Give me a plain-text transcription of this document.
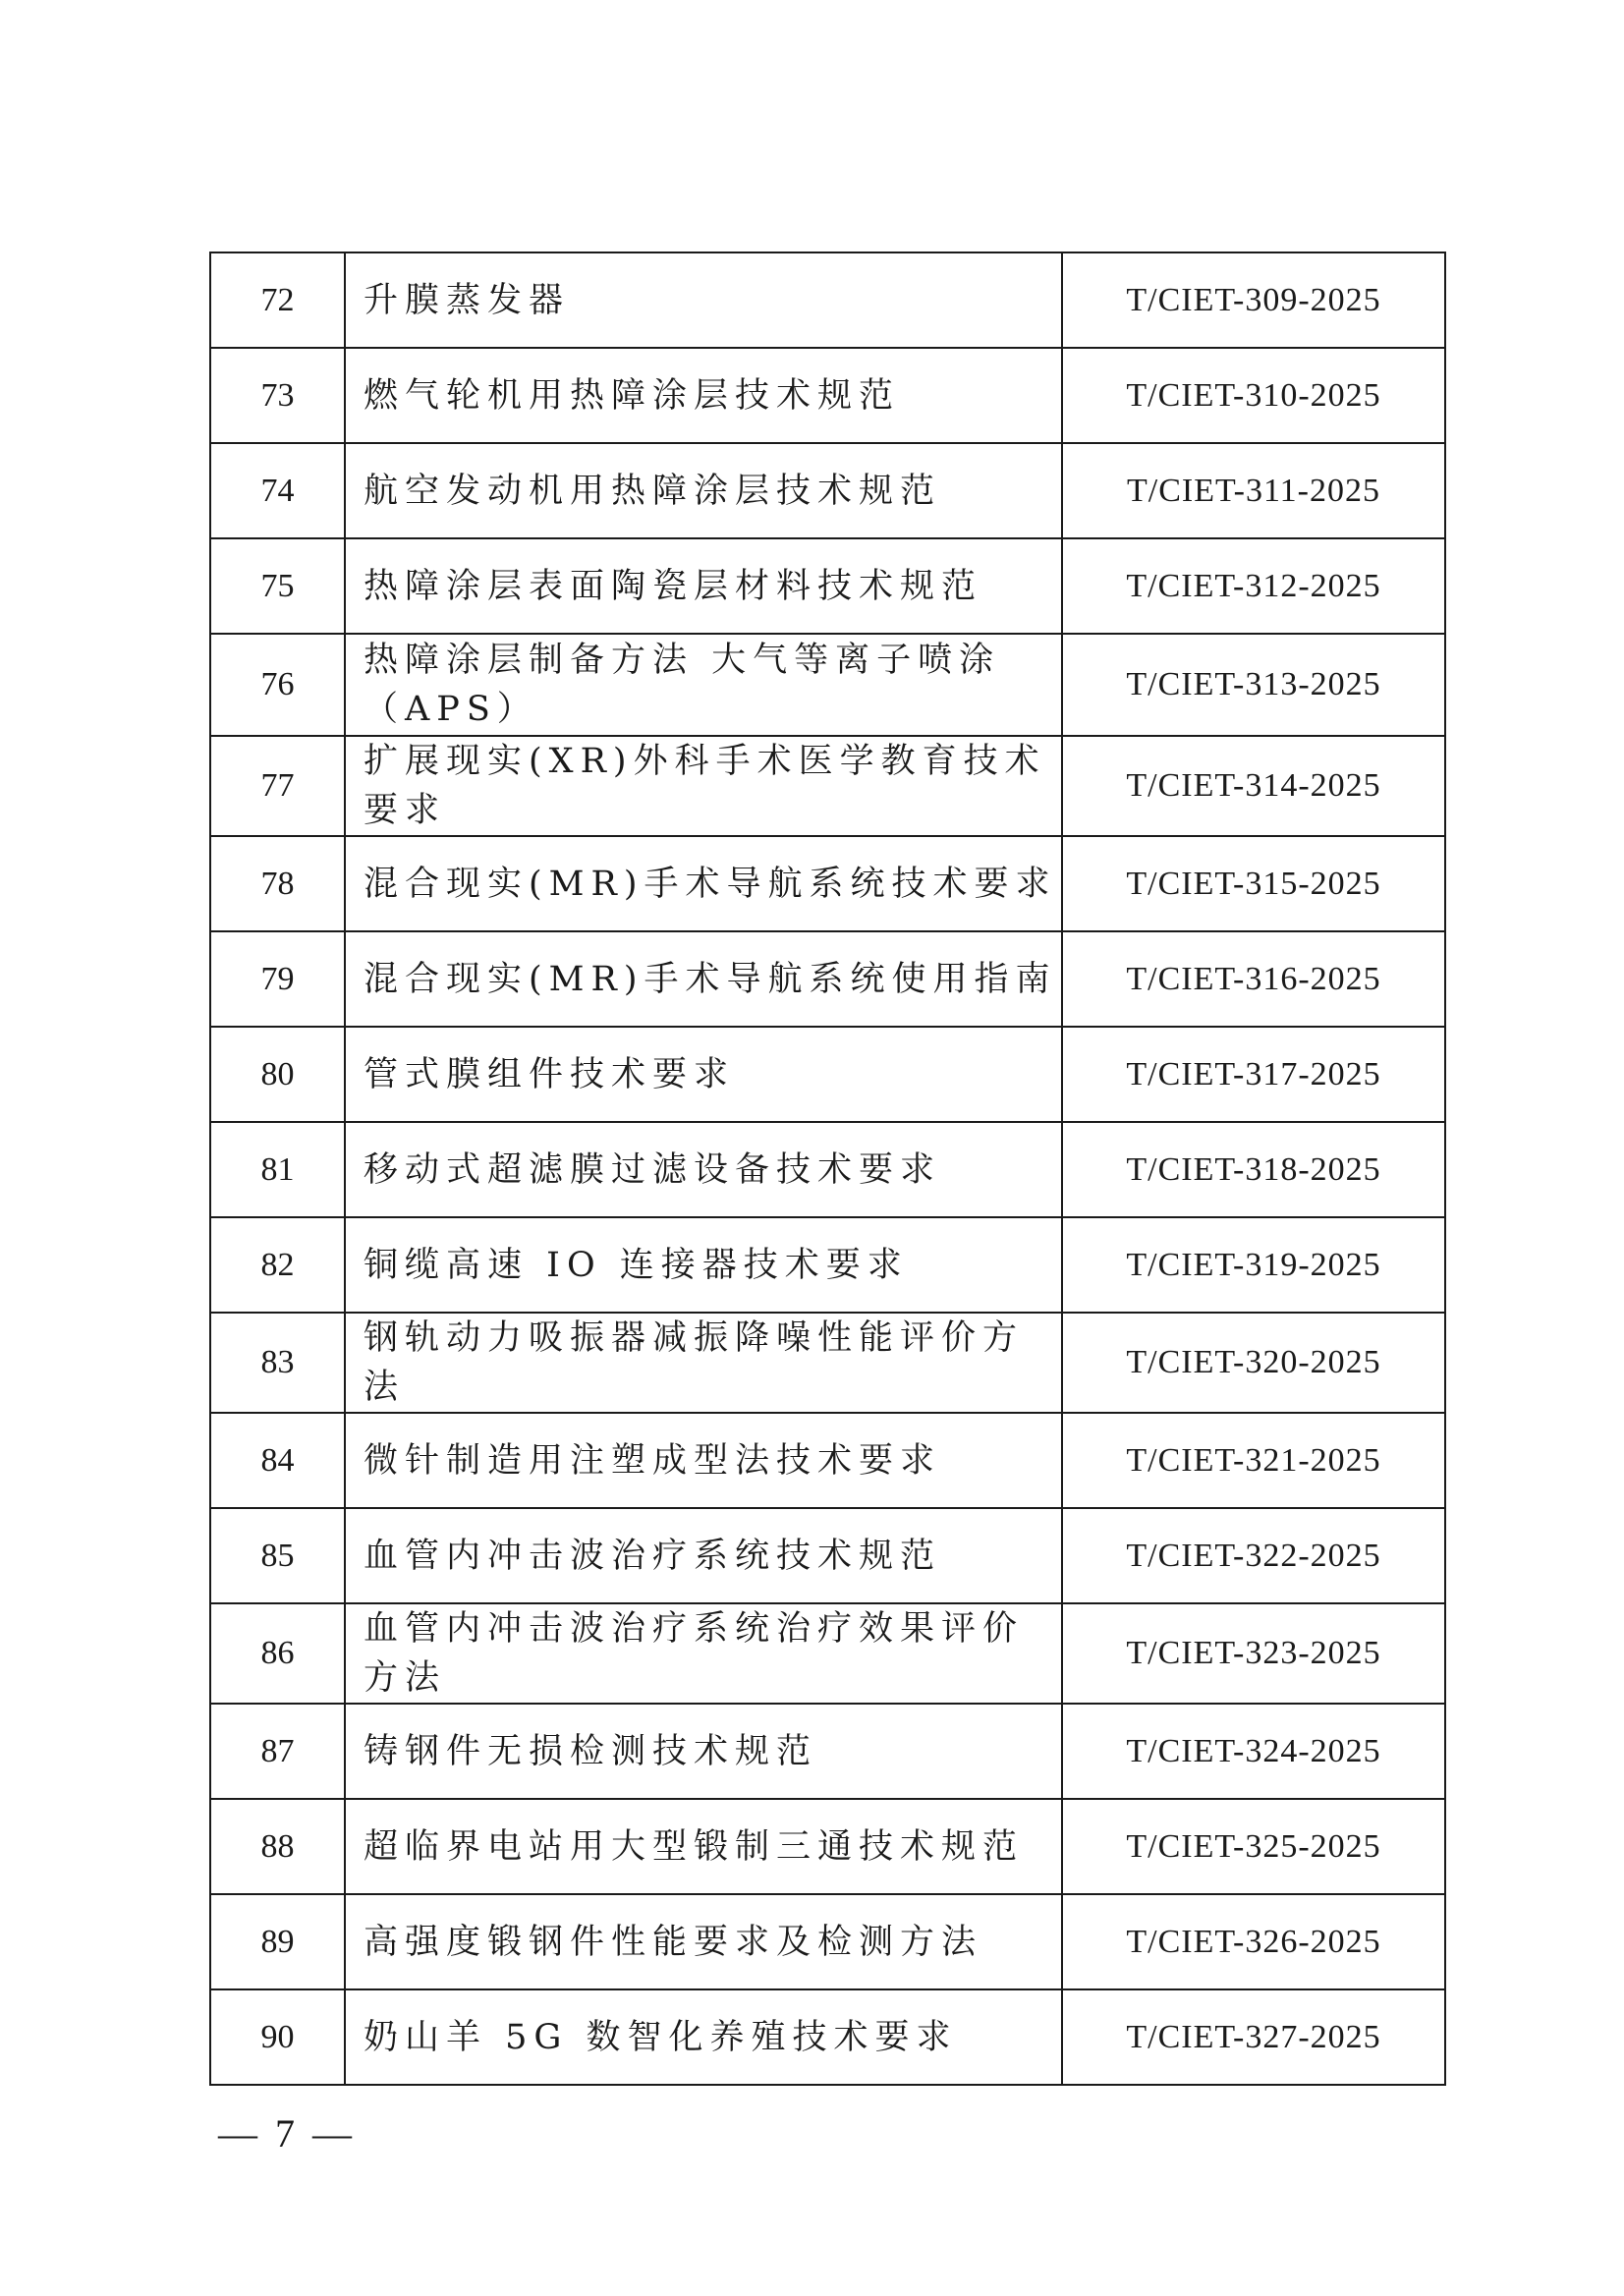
72	升膜蒸发器	T/CIET-309-2025
73	燃气轮机用热障涂层技术规范	T/CIET-310-2025
74	航空发动机用热障涂层技术规范	T/CIET-311-2025
75	热障涂层表面陶瓷层材料技术规范	T/CIET-312-2025
76	热障涂层制备方法 大气等离子喷涂（APS）	T/CIET-313-2025
77	扩展现实(XR)外科手术医学教育技术要求	T/CIET-314-2025
78	混合现实(MR)手术导航系统技术要求	T/CIET-315-2025
79	混合现实(MR)手术导航系统使用指南	T/CIET-316-2025
80	管式膜组件技术要求	T/CIET-317-2025
81	移动式超滤膜过滤设备技术要求	T/CIET-318-2025
82	铜缆高速 IO 连接器技术要求	T/CIET-319-2025
83	钢轨动力吸振器减振降噪性能评价方法	T/CIET-320-2025
84	微针制造用注塑成型法技术要求	T/CIET-321-2025
85	血管内冲击波治疗系统技术规范	T/CIET-322-2025
86	血管内冲击波治疗系统治疗效果评价方法	T/CIET-323-2025
87	铸钢件无损检测技术规范	T/CIET-324-2025
88	超临界电站用大型锻制三通技术规范	T/CIET-325-2025
89	高强度锻钢件性能要求及检测方法	T/CIET-326-2025
90	奶山羊 5G 数智化养殖技术要求	T/CIET-327-2025
— 7 —
